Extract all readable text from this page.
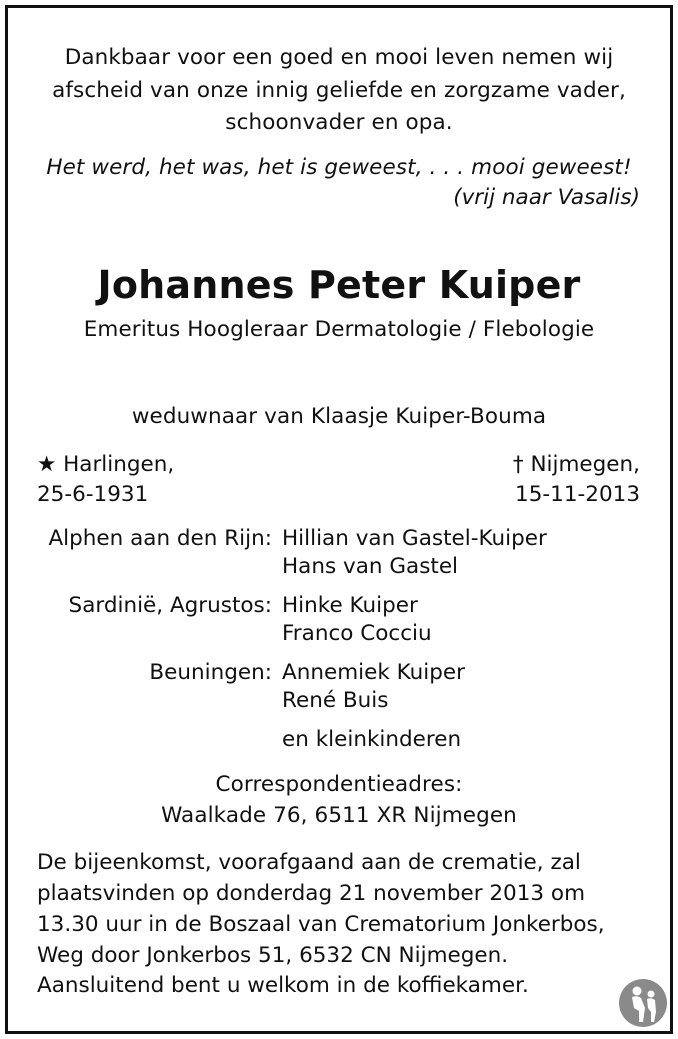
Dankbaar voor een goed en mooi leven nemen wij
afscheid van onze innig geliefde en zorgzame vader,
schoonvader en opa.
Het werd, het was, het is geweest, . . . mooi geweest!
(vrij naar Vasalis)
Johannes Peter Kuiper
Emeritus Hoogleraar Dermatologie / Flebologie
weduwnaar van Klaasje Kuiper-Bouma
★ Harlingen,
25-6-1931
† Nijmegen,
15-11-2013
Alphen aan den Rijn: Hillian van Gastel-Kuiper
Hans van Gastel
Sardinië, Agrustos: Hinke Kuiper
Franco Cocciu
Beuningen: Annemiek Kuiper
René Buis
en kleinkinderen
Correspondentieadres:
Waalkade 76, 6511 XR Nijmegen
De bijeenkomst, voorafgaand aan de crematie, zal
plaatsvinden op donderdag 21 november 2013 om
13.30 uur in de Boszaal van Crematorium Jonkerbos,
Weg door Jonkerbos 51, 6532 CN Nijmegen.
Aansluitend bent u welkom in de koffiekamer.
